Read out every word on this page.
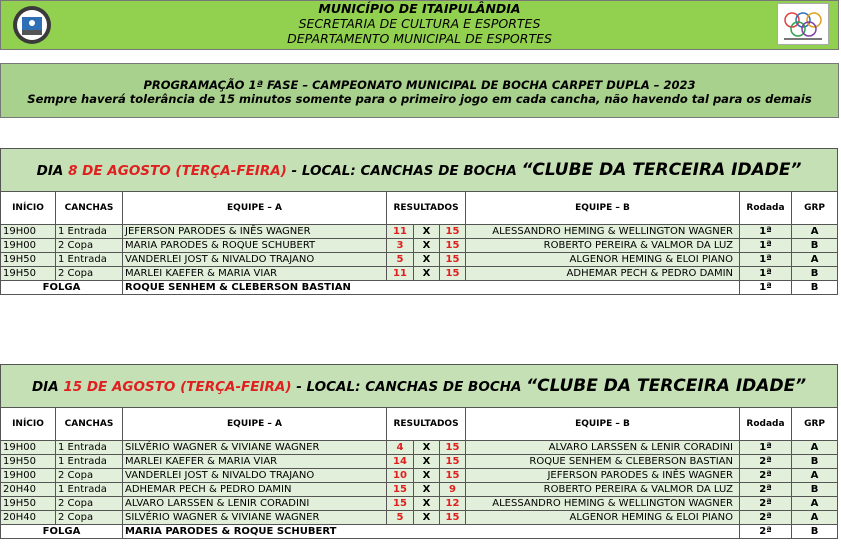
MUNICÍPIO DE ITAIPULÂNDIA
SECRETARIA DE CULTURA E ESPORTES
DEPARTAMENTO MUNICIPAL DE ESPORTES
PROGRAMAÇÃO 1ª FASE – CAMPEONATO MUNICIPAL DE BOCHA CARPET DUPLA – 2023
Sempre haverá tolerância de 15 minutos somente para o primeiro jogo em cada cancha, não havendo tal para os demais
DIA 8 DE AGOSTO (TERÇA-FEIRA) - LOCAL: CANCHAS DE BOCHA “CLUBE DA TERCEIRA IDADE”								
INÍCIO	CANCHAS	EQUIPE – A	RESULTADOS			EQUIPE – B	Rodada	GRP
19H00	1 Entrada	JEFERSON PARODES & INÊS WAGNER	11	X	15	ALESSANDRO HEMING & WELLINGTON WAGNER	1ª	A
19H00	2 Copa	MARIA PARODES & ROQUE SCHUBERT	3	X	15	ROBERTO PEREIRA & VALMOR DA LUZ	1ª	B
19H50	1 Entrada	VANDERLEI JOST & NIVALDO TRAJANO	5	X	15	ALGENOR HEMING & ELOI PIANO	1ª	A
19H50	2 Copa	MARLEI KAEFER & MARIA VIAR	11	X	15	ADHEMAR PECH & PEDRO DAMIN	1ª	B
FOLGA		ROQUE SENHEM & CLEBERSON BASTIAN					1ª	B
DIA 15 DE AGOSTO (TERÇA-FEIRA) - LOCAL: CANCHAS DE BOCHA “CLUBE DA TERCEIRA IDADE”								
INÍCIO	CANCHAS	EQUIPE – A	RESULTADOS			EQUIPE – B	Rodada	GRP
19H00	1 Entrada	SILVÉRIO WAGNER & VIVIANE WAGNER	4	X	15	ALVARO LARSSEN & LENIR CORADINI	1ª	A
19H50	1 Entrada	MARLEI KAEFER & MARIA VIAR	14	X	15	ROQUE SENHEM & CLEBERSON BASTIAN	2ª	B
19H00	2 Copa	VANDERLEI JOST & NIVALDO TRAJANO	10	X	15	JEFERSON PARODES & INÊS WAGNER	2ª	A
20H40	1 Entrada	ADHEMAR PECH & PEDRO DAMIN	15	X	9	ROBERTO PEREIRA & VALMOR DA LUZ	2ª	B
19H50	2 Copa	ALVARO LARSSEN & LENIR CORADINI	15	X	12	ALESSANDRO HEMING & WELLINGTON WAGNER	2ª	A
20H40	2 Copa	SILVÉRIO WAGNER & VIVIANE WAGNER	5	X	15	ALGENOR HEMING & ELOI PIANO	2ª	A
FOLGA		MARIA PARODES & ROQUE SCHUBERT					2ª	B
